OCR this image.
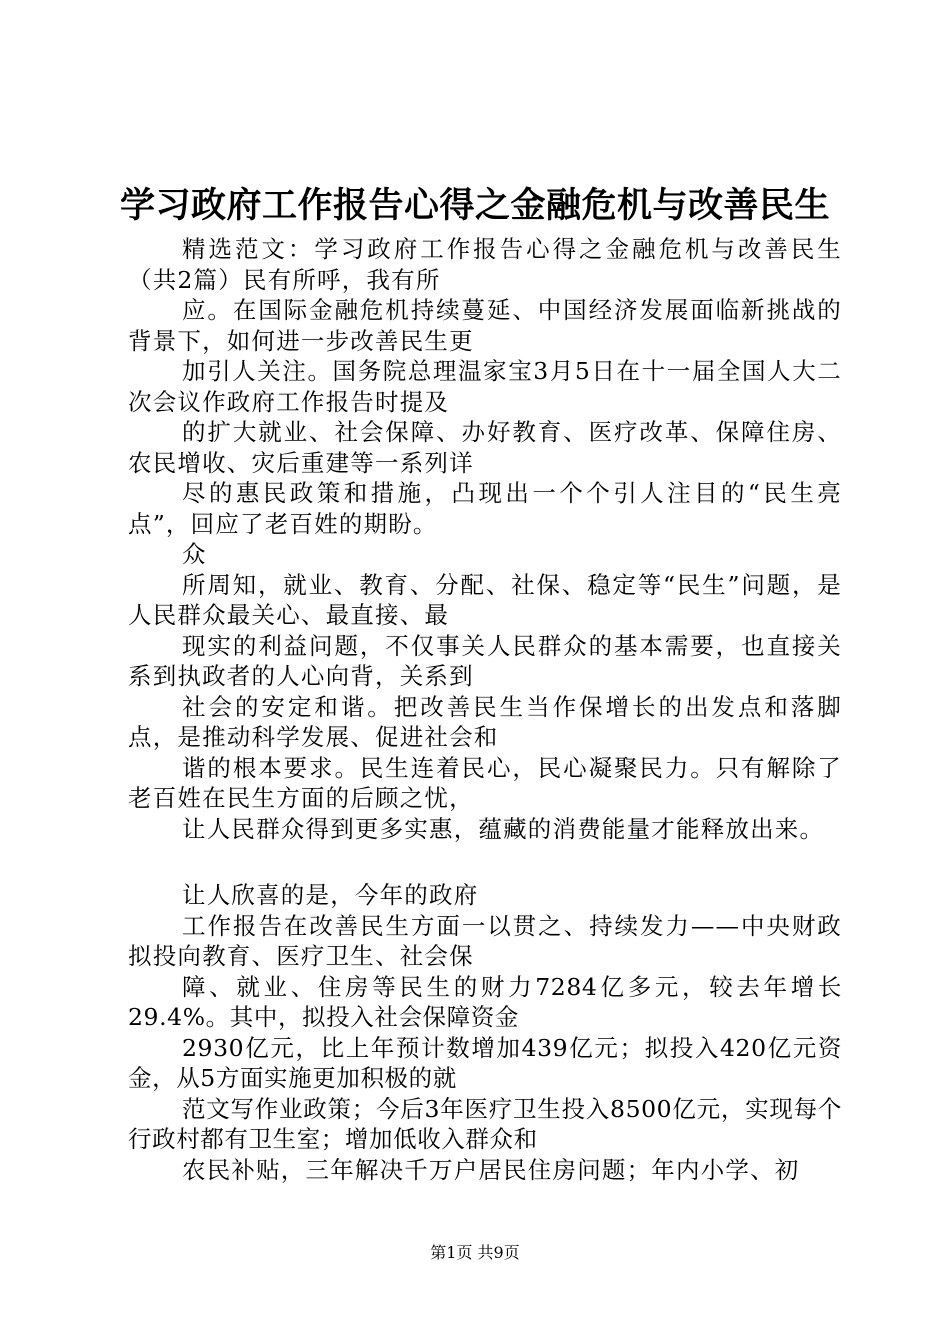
学习政府工作报告心得之金融危机与改善民生

精选范文：学习政府工作报告心得之金融危机与改善民生（共2篇）民有所呼，我有所

应。在国际金融危机持续蔓延、中国经济发展面临新挑战的背景下，如何进一步改善民生更

加引人关注。国务院总理温家宝3月5日在十一届全国人大二次会议作政府工作报告时提及

的扩大就业、社会保障、办好教育、医疗改革、保障住房、农民增收、灾后重建等一系列详

尽的惠民政策和措施，凸现出一个个引人注目的“民生亮点”，回应了老百姓的期盼。

众

所周知，就业、教育、分配、社保、稳定等“民生”问题，是人民群众最关心、最直接、最

现实的利益问题，不仅事关人民群众的基本需要，也直接关系到执政者的人心向背，关系到

社会的安定和谐。把改善民生当作保增长的出发点和落脚点，是推动科学发展、促进社会和

谐的根本要求。民生连着民心，民心凝聚民力。只有解除了老百姓在民生方面的后顾之忧，

让人民群众得到更多实惠，蕴藏的消费能量才能释放出来。

让人欣喜的是，今年的政府

工作报告在改善民生方面一以贯之、持续发力——中央财政拟投向教育、医疗卫生、社会保

障、就业、住房等民生的财力7284亿多元，较去年增长29.4%。其中，拟投入社会保障资金

2930亿元，比上年预计数增加439亿元；拟投入420亿元资金，从5方面实施更加积极的就

范文写作业政策；今后3年医疗卫生投入8500亿元，实现每个行政村都有卫生室；增加低收入群众和

农民补贴，三年解决千万户居民住房问题；年内小学、初

第1页 共9页
